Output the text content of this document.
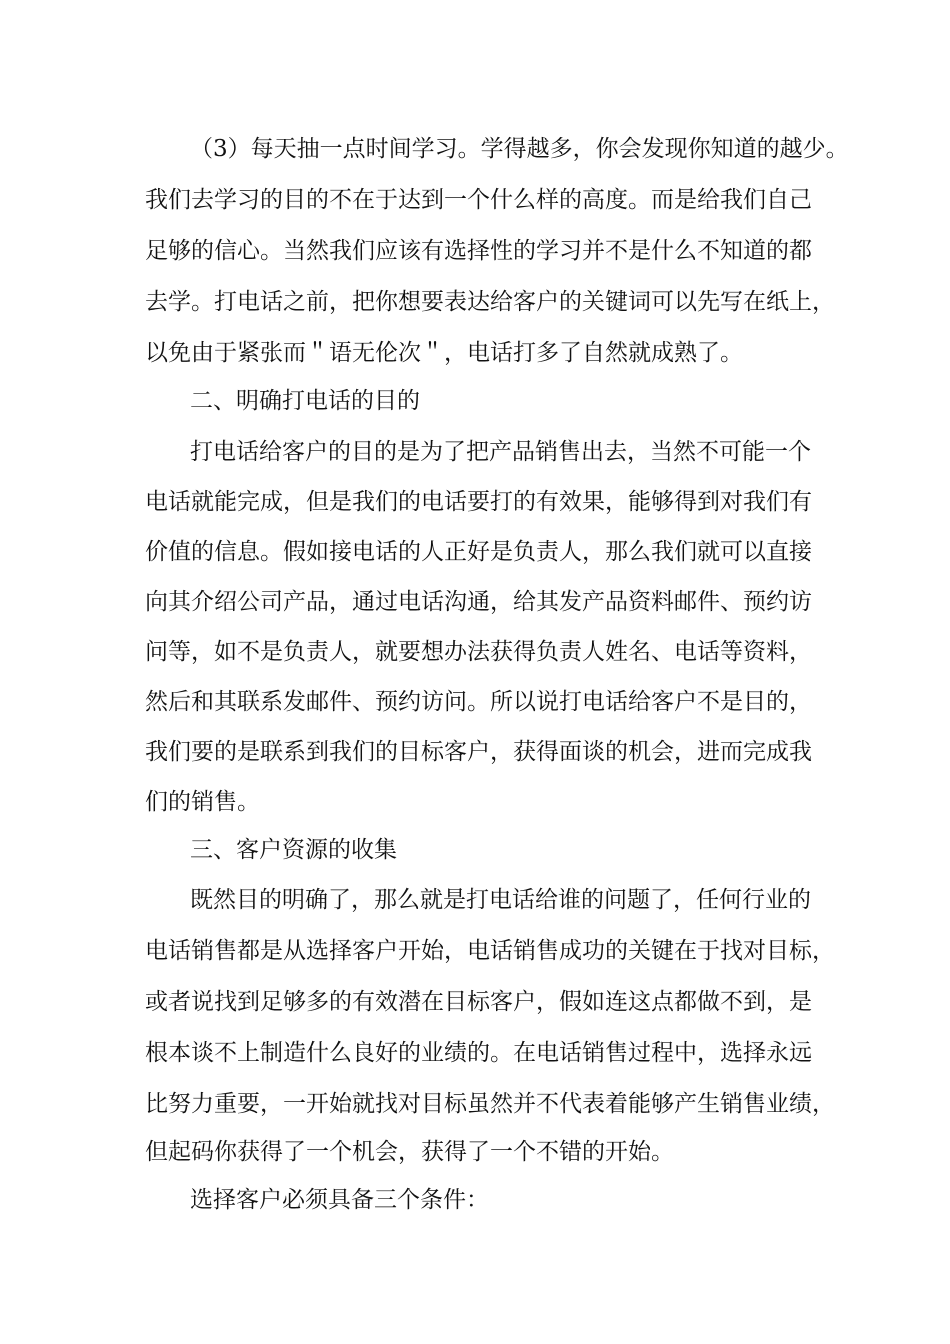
（3）每天抽一点时间学习。学得越多，你会发现你知道的越少。
我们去学习的目的不在于达到一个什么样的高度。而是给我们自己
足够的信心。当然我们应该有选择性的学习并不是什么不知道的都
去学。打电话之前，把你想要表达给客户的关键词可以先写在纸上，
以免由于紧张而＂语无伦次＂，电话打多了自然就成熟了。
二、明确打电话的目的
打电话给客户的目的是为了把产品销售出去，当然不可能一个
电话就能完成，但是我们的电话要打的有效果，能够得到对我们有
价值的信息。假如接电话的人正好是负责人，那么我们就可以直接
向其介绍公司产品，通过电话沟通，给其发产品资料邮件、预约访
问等，如不是负责人，就要想办法获得负责人姓名、电话等资料，
然后和其联系发邮件、预约访问。所以说打电话给客户不是目的，
我们要的是联系到我们的目标客户，获得面谈的机会，进而完成我
们的销售。
三、客户资源的收集
既然目的明确了，那么就是打电话给谁的问题了，任何行业的
电话销售都是从选择客户开始，电话销售成功的关键在于找对目标，
或者说找到足够多的有效潜在目标客户，假如连这点都做不到，是
根本谈不上制造什么良好的业绩的。在电话销售过程中，选择永远
比努力重要，一开始就找对目标虽然并不代表着能够产生销售业绩，
但起码你获得了一个机会，获得了一个不错的开始。
选择客户必须具备三个条件：
